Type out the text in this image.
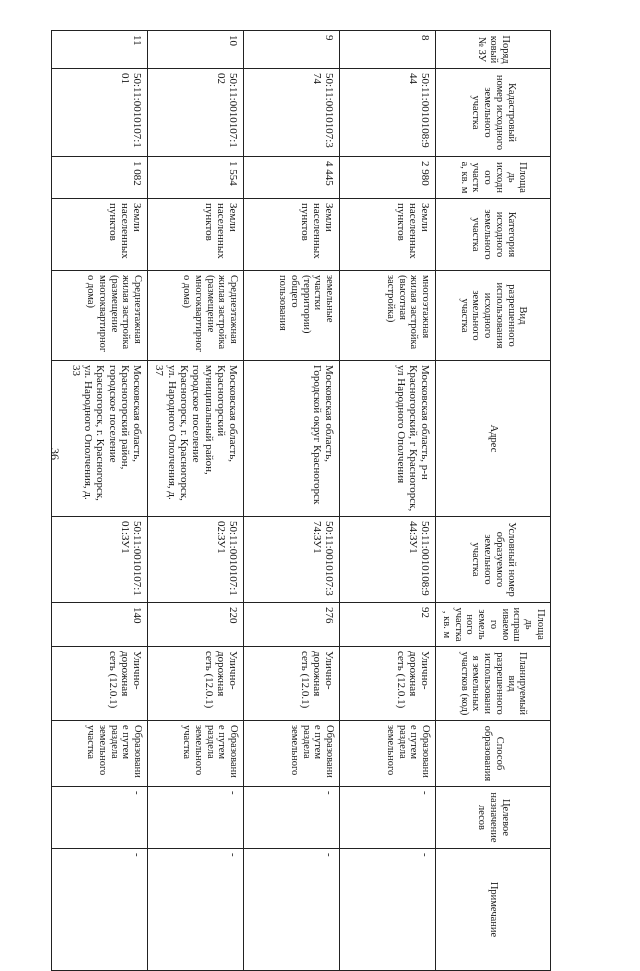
36
Порядковый № ЗУ	Кадастровый номер исходного земельного участка	Площадь исходного участка, кв. м	Категория исходного земельного участка	Вид разрешенного использования исходного земельного участка	Адрес	Условный номер образуемого земельного участка	Площадь испрашиваемого земельного участка, кв. м	Планируемый вид разрешенного использования земельных участков (код)	Способ образования	Целевое назначение лесов	Примечание
8	50:11:0010108:944	2 980	Земли населенных пунктов	многоэтажная жилая застройка (высотная застройка)	Московская область, р-н Красногорский, г Красногорск, ул Народного Ополчения	50:11:0010108:944:ЗУ1	92	Улично-дорожная сеть (12.0.1)	Образование путем раздела земельного	-	-
9	50:11:0010107:374	4 445	Земли населенных пунктов	земельные участки (территории) общего пользования	Московская область, Городской округ Красногорск	50:11:0010107:374:ЗУ1	276	Улично-дорожная сеть (12.0.1)	Образование путем раздела земельного	-	-
10	50:11:0010107:102	1 554	Земли населенных пунктов	Среднеэтажная жилая застройка (размещение многоквартирного дома)	Московская область, Красногорский муниципальный район, городское поселение Красногорск, г. Красногорск, ул. Народного Ополчения, д. 37	50:11:0010107:102:ЗУ1	220	Улично-дорожная сеть (12.0.1)	Образование путем раздела земельного участка	-	-
11	50:11:0010107:101	1 082	Земли населенных пунктов	Среднеэтажная жилая застройка (размещение многоквартирного дома)	Московская область, Красногорский район, городское поселение Красногорск, г. Красногорск, ул. Народного Ополчения, д. 33	50:11:0010107:101:ЗУ1	140	Улично-дорожная сеть (12.0.1)	Образование путем раздела земельного участка	-	-
